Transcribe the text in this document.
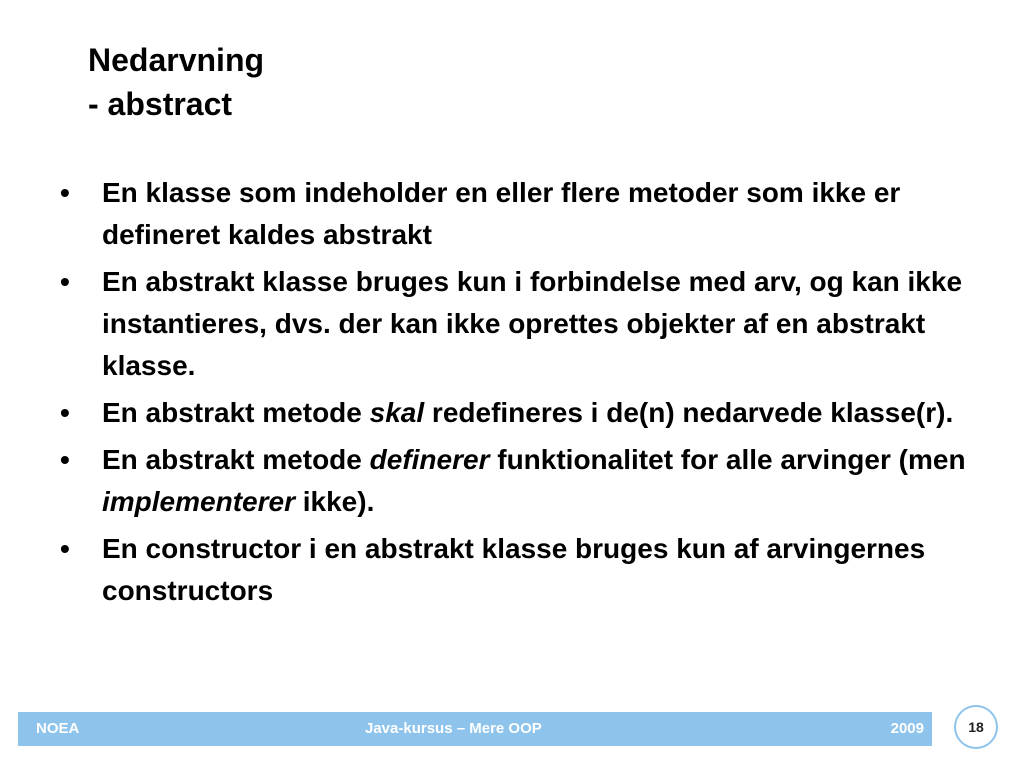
Nedarvning
- abstract
• En klasse som indeholder en eller flere metoder som ikke er defineret kaldes abstrakt
• En abstrakt klasse bruges kun i forbindelse med arv, og kan ikke instantieres, dvs. der kan ikke oprettes objekter af en abstrakt klasse.
• En abstrakt metode skal redefineres i de(n) nedarvede klasse(r).
• En abstrakt metode definerer funktionalitet for alle arvinger (men implementerer ikke).
• En constructor i en abstrakt klasse bruges kun af arvingernes constructors
NOEA	Java-kursus – Mere OOP	2009	18
